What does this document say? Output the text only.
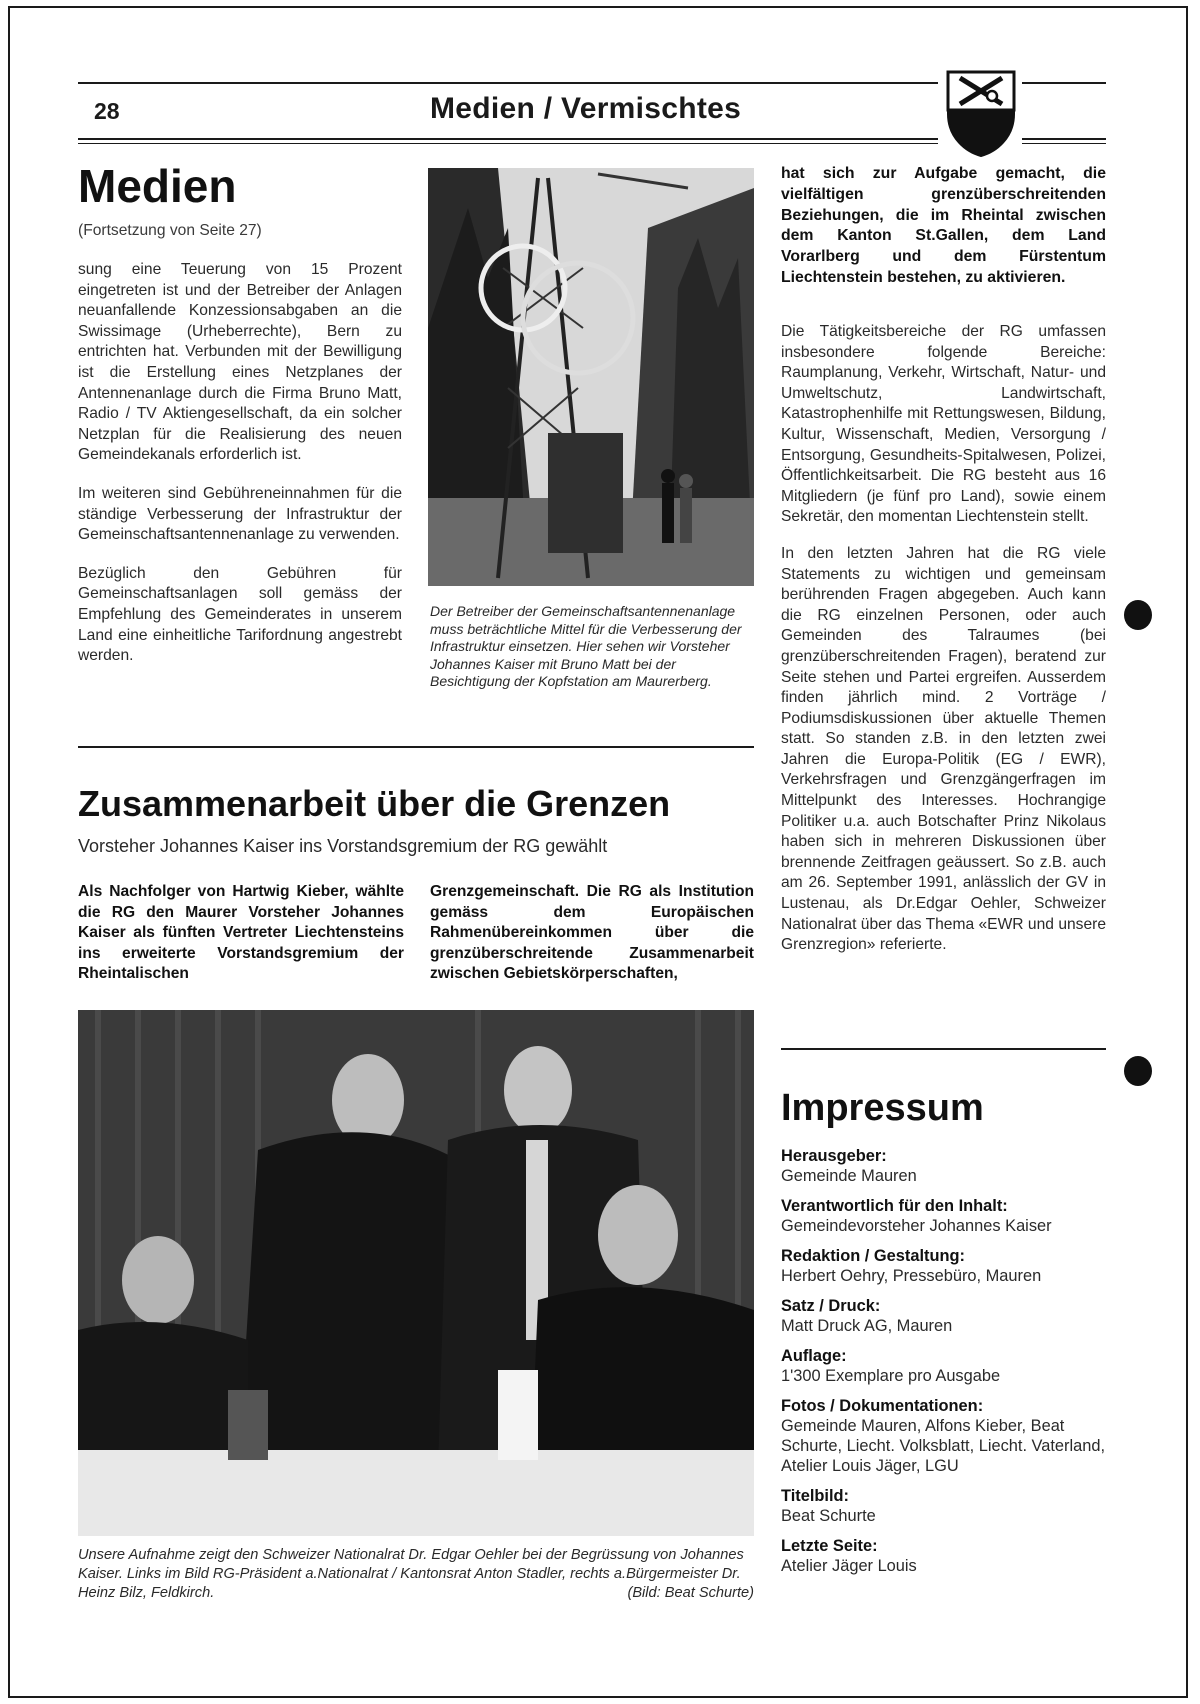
28	Medien / Vermischtes
Medien
(Fortsetzung von Seite 27)

sung eine Teuerung von 15 Prozent eingetreten ist und der Betreiber der Anlagen neuanfallende Konzessionsabgaben an die Swissimage (Urheberrechte), Bern zu entrichten hat. Verbunden mit der Bewilligung ist die Erstellung eines Netzplanes der Antennenanlage durch die Firma Bruno Matt, Radio / TV Aktiengesellschaft, da ein solcher Netzplan für die Realisierung des neuen Gemeindekanals erforderlich ist.

Im weiteren sind Gebühreneinnahmen für die ständige Verbesserung der Infrastruktur der Gemeinschaftsantennenanlage zu verwenden.

Bezüglich den Gebühren für Gemeinschaftsanlagen soll gemäss der Empfehlung des Gemeinderates in unserem Land eine einheitliche Tarifordnung angestrebt werden.

Der Betreiber der Gemeinschaftsantennenanlage muss beträchtliche Mittel für die Verbesserung der Infrastruktur einsetzen. Hier sehen wir Vorsteher Johannes Kaiser mit Bruno Matt bei der Besichtigung der Kopfstation am Maurerberg.
Zusammenarbeit über die Grenzen
Vorsteher Johannes Kaiser ins Vorstandsgremium der RG gewählt
Als Nachfolger von Hartwig Kieber, wählte die RG den Maurer Vorsteher Johannes Kaiser als fünften Vertreter Liechtensteins ins erweiterte Vorstandsgremium der Rheintalischen
Grenzgemeinschaft. Die RG als Institution gemäss dem Europäischen Rahmenübereinkommen über die grenzüberschreitende Zusammenarbeit zwischen Gebietskörperschaften,
Unsere Aufnahme zeigt den Schweizer Nationalrat Dr. Edgar Oehler bei der Begrüssung von Johannes Kaiser. Links im Bild RG-Präsident a.Nationalrat / Kantonsrat Anton Stadler, rechts a.Bürgermeister Dr. Heinz Bilz, Feldkirch.	(Bild: Beat Schurte)
hat sich zur Aufgabe gemacht, die vielfältigen grenzüberschreitenden Beziehungen, die im Rheintal zwischen dem Kanton St.Gallen, dem Land Vorarlberg und dem Fürstentum Liechtenstein bestehen, zu aktivieren.

Die Tätigkeitsbereiche der RG umfassen insbesondere folgende Bereiche: Raumplanung, Verkehr, Wirtschaft, Natur- und Umweltschutz, Landwirtschaft, Katastrophenhilfe mit Rettungswesen, Bildung, Kultur, Wissenschaft, Medien, Versorgung / Entsorgung, Gesundheits-Spitalwesen, Polizei, Öffentlichkeitsarbeit. Die RG besteht aus 16 Mitgliedern (je fünf pro Land), sowie einem Sekretär, den momentan Liechtenstein stellt.

In den letzten Jahren hat die RG viele Statements zu wichtigen und gemeinsam berührenden Fragen abgegeben. Auch kann die RG einzelnen Personen, oder auch Gemeinden des Talraumes (bei grenzüberschreitenden Fragen), beratend zur Seite stehen und Partei ergreifen. Ausserdem finden jährlich mind. 2 Vorträge / Podiumsdiskussionen über aktuelle Themen statt. So standen z.B. in den letzten zwei Jahren die Europa-Politik (EG / EWR), Verkehrsfragen und Grenzgängerfragen im Mittelpunkt des Interesses. Hochrangige Politiker u.a. auch Botschafter Prinz Nikolaus haben sich in mehreren Diskussionen über brennende Zeitfragen geäussert. So z.B. auch am 26. September 1991, anlässlich der GV in Lustenau, als Dr.Edgar Oehler, Schweizer Nationalrat über das Thema «EWR und unsere Grenzregion» referierte.

Impressum
Herausgeber:
Gemeinde Mauren
Verantwortlich für den Inhalt:
Gemeindevorsteher Johannes Kaiser
Redaktion / Gestaltung:
Herbert Oehry, Pressebüro, Mauren
Satz / Druck:
Matt Druck AG, Mauren
Auflage:
1'300 Exemplare pro Ausgabe
Fotos / Dokumentationen:
Gemeinde Mauren, Alfons Kieber, Beat Schurte, Liecht. Volksblatt, Liecht. Vaterland, Atelier Louis Jäger, LGU
Titelbild:
Beat Schurte
Letzte Seite:
Atelier Jäger Louis
